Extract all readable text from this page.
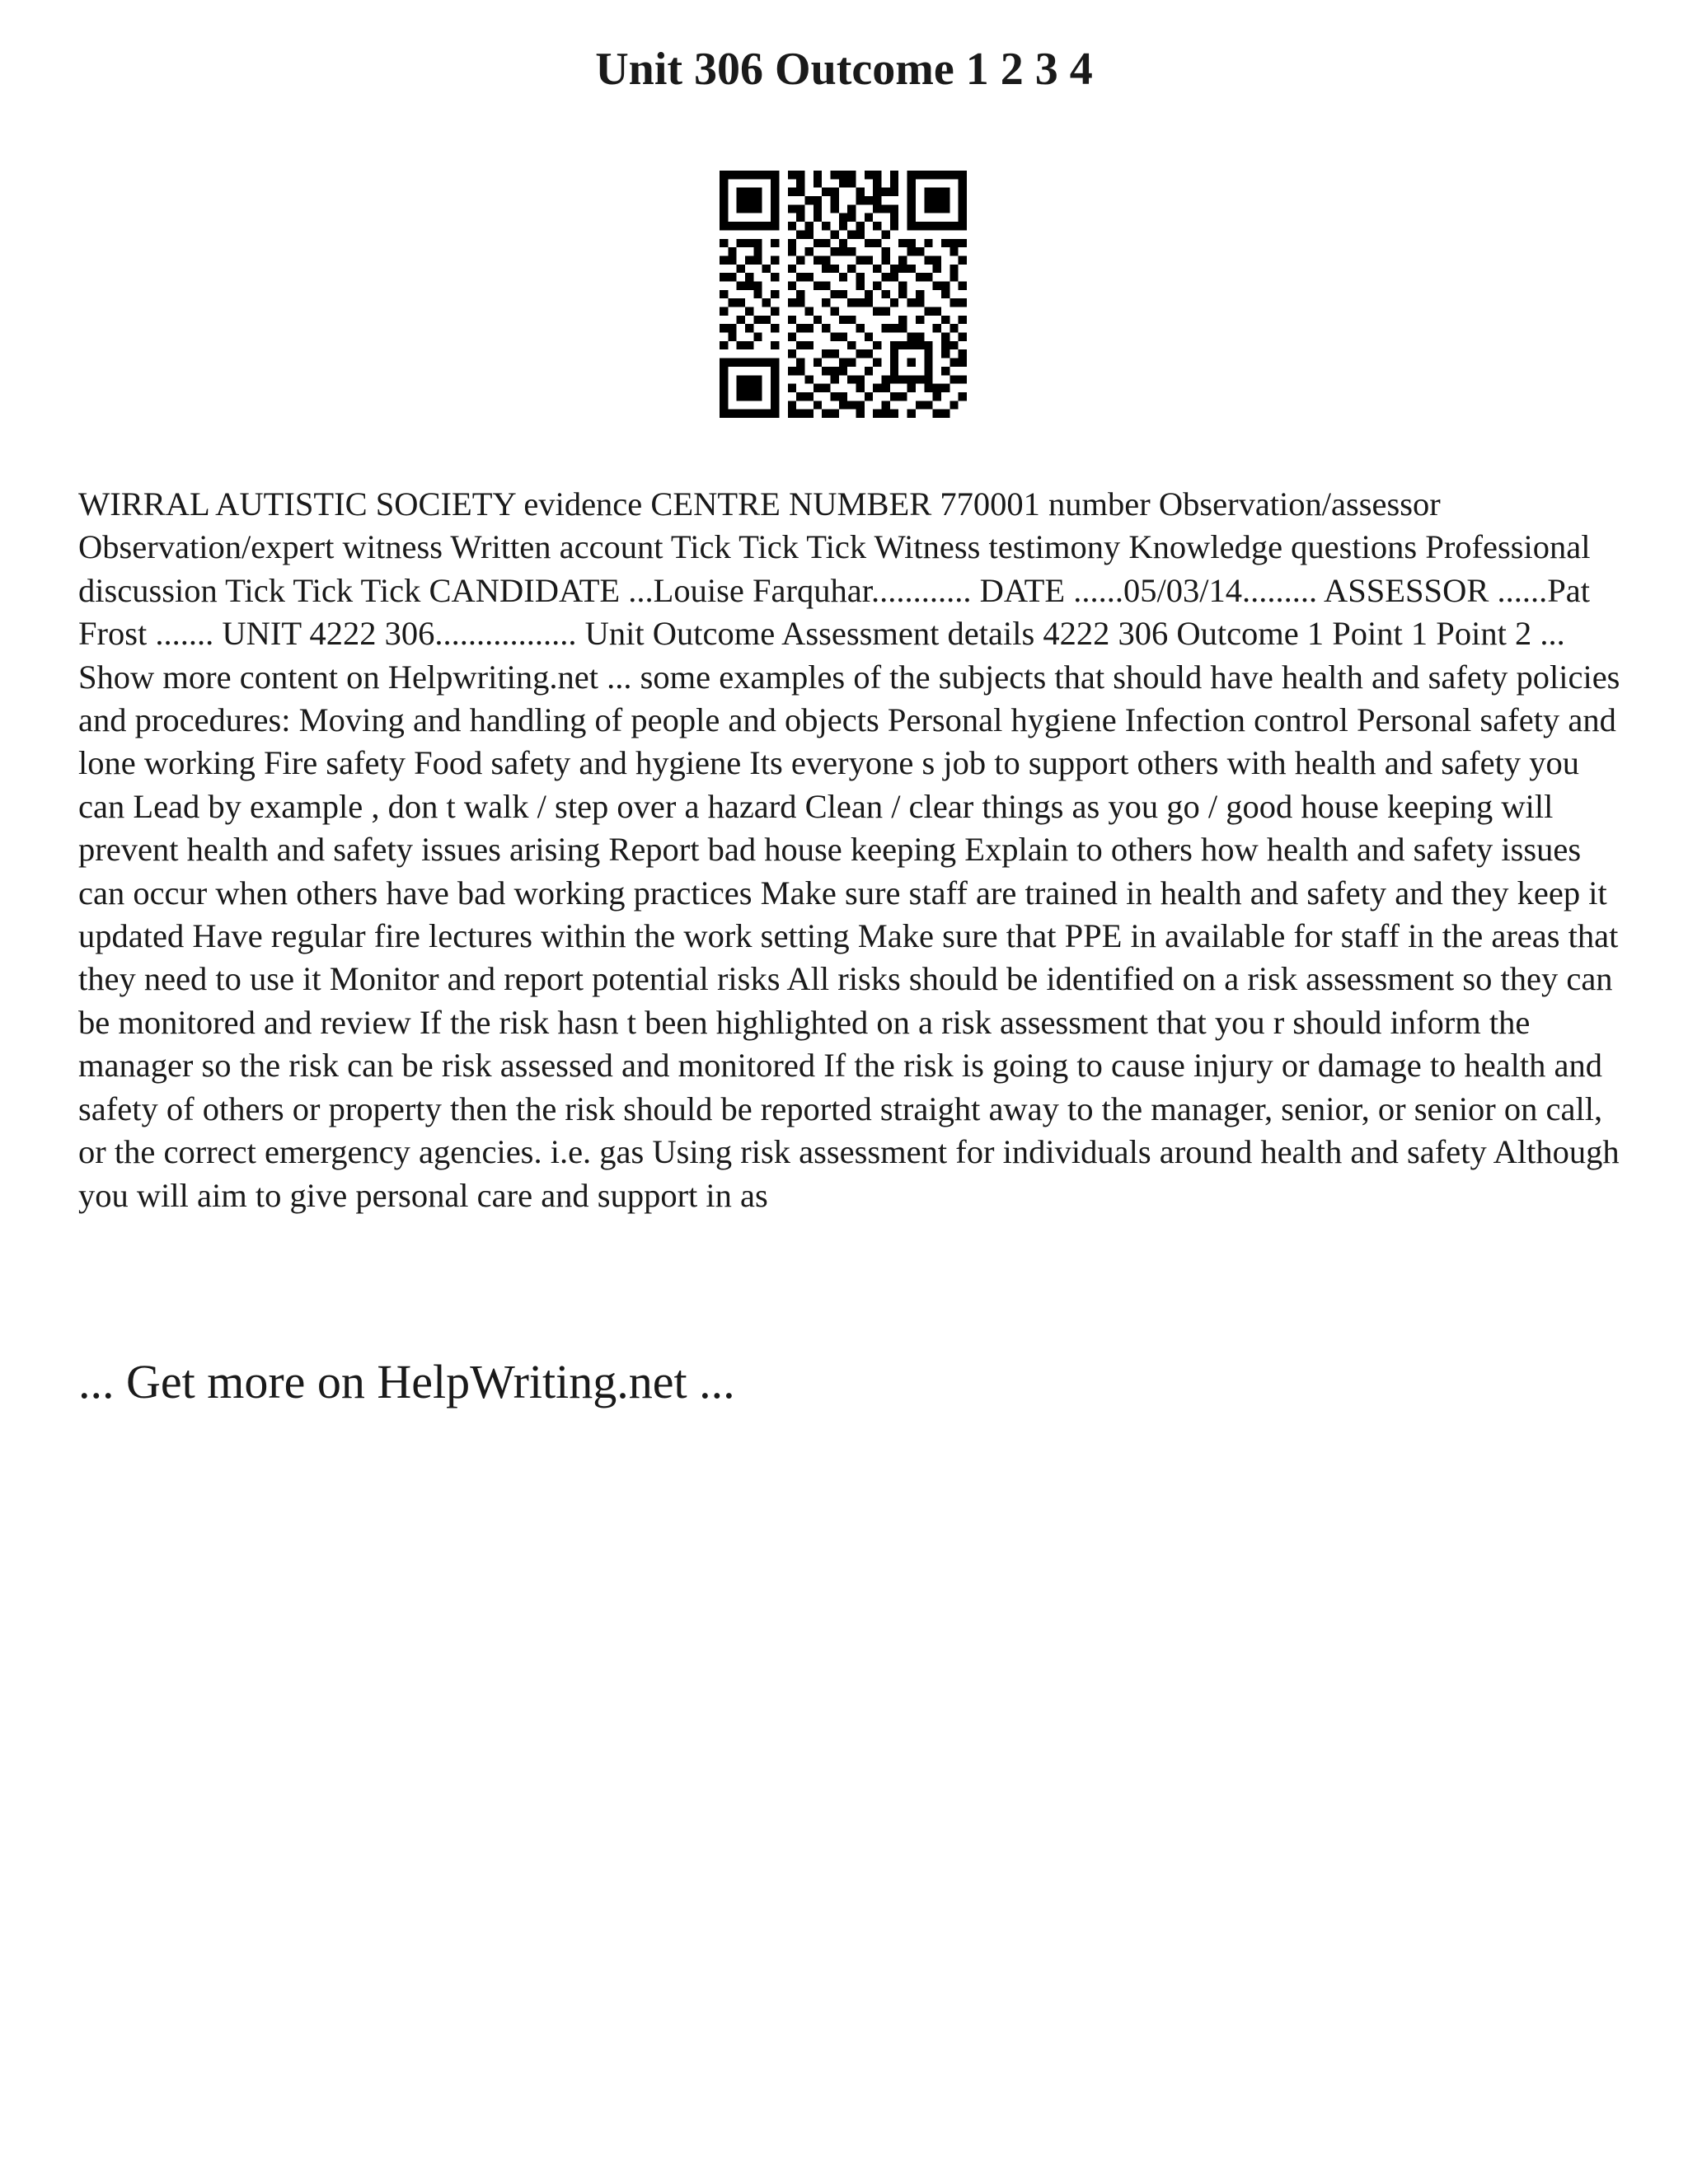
Unit 306 Outcome 1 2 3 4

WIRRAL AUTISTIC SOCIETY evidence CENTRE NUMBER 770001 number Observation/assessor Observation/expert witness Written account Tick Tick Tick Witness testimony Knowledge questions Professional discussion Tick Tick Tick CANDIDATE ...Louise Farquhar............ DATE ......05/03/14......... ASSESSOR ......Pat Frost ....... UNIT 4222 306................. Unit Outcome Assessment details 4222 306 Outcome 1 Point 1 Point 2 ... Show more content on Helpwriting.net ... some examples of the subjects that should have health and safety policies and procedures: Moving and handling of people and objects Personal hygiene Infection control Personal safety and lone working Fire safety Food safety and hygiene Its everyone s job to support others with health and safety you can Lead by example , don t walk / step over a hazard Clean / clear things as you go / good house keeping will prevent health and safety issues arising Report bad house keeping Explain to others how health and safety issues can occur when others have bad working practices Make sure staff are trained in health and safety and they keep it updated Have regular fire lectures within the work setting Make sure that PPE in available for staff in the areas that they need to use it Monitor and report potential risks All risks should be identified on a risk assessment so they can be monitored and review If the risk hasn t been highlighted on a risk assessment that you r should inform the manager so the risk can be risk assessed and monitored If the risk is going to cause injury or damage to health and safety of others or property then the risk should be reported straight away to the manager, senior, or senior on call, or the correct emergency agencies. i.e. gas Using risk assessment for individuals around health and safety Although you will aim to give personal care and support in as

... Get more on HelpWriting.net ...
